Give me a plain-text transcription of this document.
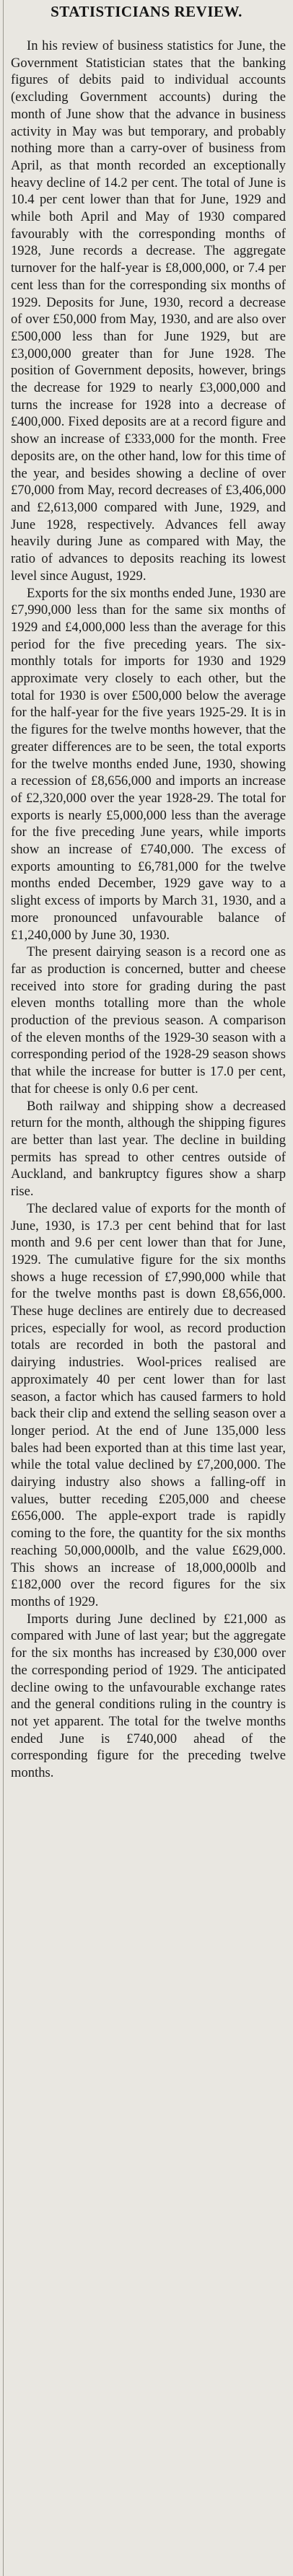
STATISTICIANS REVIEW.

In his review of business statistics for June, the Government Statistician states that the banking figures of debits paid to individual accounts (excluding Government accounts) during the month of June show that the advance in business activity in May was but temporary, and probably nothing more than a carry-over of business from April, as that month recorded an exceptionally heavy decline of 14.2 per cent. The total of June is 10.4 per cent lower than that for June, 1929 and while both April and May of 1930 compared favourably with the corresponding months of 1928, June records a decrease. The aggregate turnover for the half-year is £8,000,000, or 7.4 per cent less than for the corresponding six months of 1929. Deposits for June, 1930, record a decrease of over £50,000 from May, 1930, and are also over £500,000 less than for June 1929, but are £3,000,000 greater than for June 1928. The position of Government deposits, however, brings the decrease for 1929 to nearly £3,000,000 and turns the increase for 1928 into a decrease of £400,000. Fixed deposits are at a record figure and show an increase of £333,000 for the month. Free deposits are, on the other hand, low for this time of the year, and besides showing a decline of over £70,000 from May, record decreases of £3,406,000 and £2,613,000 compared with June, 1929, and June 1928, respectively. Advances fell away heavily during June as compared with May, the ratio of advances to deposits reaching its lowest level since August, 1929.

Exports for the six months ended June, 1930 are £7,990,000 less than for the same six months of 1929 and £4,000,000 less than the average for this period for the five preceding years. The six-monthly totals for imports for 1930 and 1929 approximate very closely to each other, but the total for 1930 is over £500,000 below the average for the half-year for the five years 1925-29. It is in the figures for the twelve months however, that the greater differences are to be seen, the total exports for the twelve months ended June, 1930, showing a recession of £8,656,000 and imports an increase of £2,320,000 over the year 1928-29. The total for exports is nearly £5,000,000 less than the average for the five preceding June years, while imports show an increase of £740,000. The excess of exports amounting to £6,781,000 for the twelve months ended December, 1929 gave way to a slight excess of imports by March 31, 1930, and a more pronounced unfavourable balance of £1,240,000 by June 30, 1930.

The present dairying season is a record one as far as production is concerned, butter and cheese received into store for grading during the past eleven months totalling more than the whole production of the previous season. A comparison of the eleven months of the 1929-30 season with a corresponding period of the 1928-29 season shows that while the increase for butter is 17.0 per cent, that for cheese is only 0.6 per cent.

Both railway and shipping show a decreased return for the month, although the shipping figures are better than last year. The decline in building permits has spread to other centres outside of Auckland, and bankruptcy figures show a sharp rise.

The declared value of exports for the month of June, 1930, is 17.3 per cent behind that for last month and 9.6 per cent lower than that for June, 1929. The cumulative figure for the six months shows a huge recession of £7,990,000 while that for the twelve months past is down £8,656,000. These huge declines are entirely due to decreased prices, especially for wool, as record production totals are recorded in both the pastoral and dairying industries. Wool-prices realised are approximately 40 per cent lower than for last season, a factor which has caused farmers to hold back their clip and extend the selling season over a longer period. At the end of June 135,000 less bales had been exported than at this time last year, while the total value declined by £7,200,000. The dairying industry also shows a falling-off in values, butter receding £205,000 and cheese £656,000. The apple-export trade is rapidly coming to the fore, the quantity for the six months reaching 50,000,000lb, and the value £629,000. This shows an increase of 18,000,000lb and £182,000 over the record figures for the six months of 1929.

Imports during June declined by £21,000 as compared with June of last year; but the aggregate for the six months has increased by £30,000 over the corresponding period of 1929. The anticipated decline owing to the unfavourable exchange rates and the general conditions ruling in the country is not yet apparent. The total for the twelve months ended June is £740,000 ahead of the corresponding figure for the preceding twelve months.
